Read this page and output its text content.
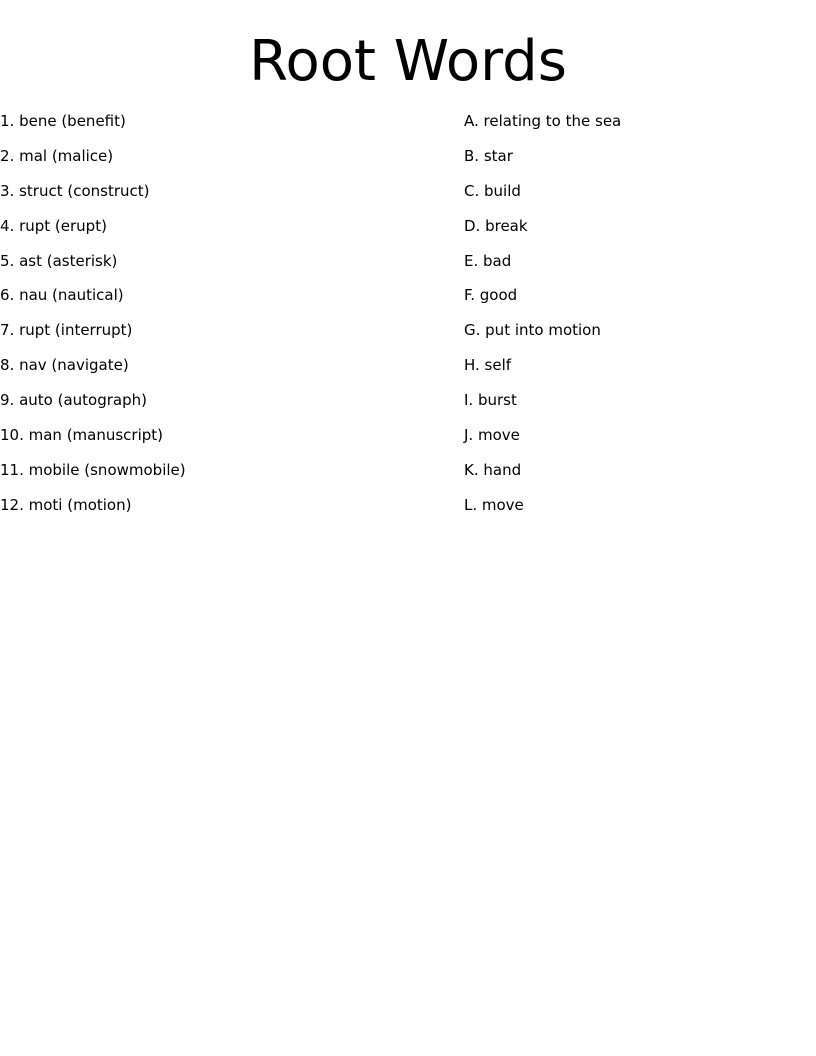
Root Words
1. bene (benefit)
2. mal (malice)
3. struct (construct)
4. rupt (erupt)
5. ast (asterisk)
6. nau (nautical)
7. rupt (interrupt)
8. nav (navigate)
9. auto (autograph)
10. man (manuscript)
11. mobile (snowmobile)
12. moti (motion)
A. relating to the sea
B. star
C. build
D. break
E. bad
F. good
G. put into motion
H. self
I. burst
J. move
K. hand
L. move
